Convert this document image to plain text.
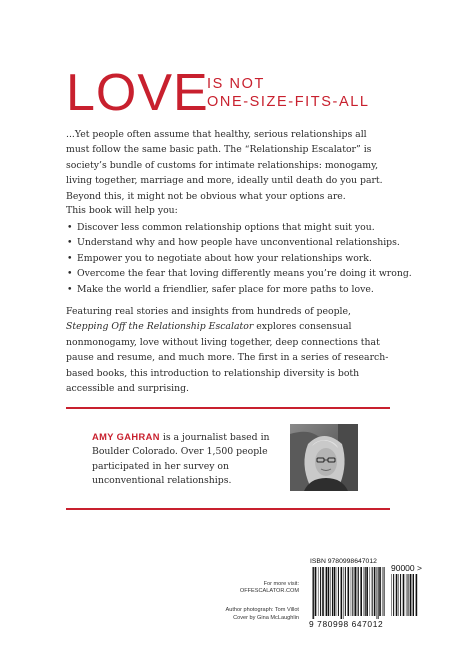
LOVE
IS NOT
ONE-SIZE-FITS-ALL

...Yet people often assume that healthy, serious relationships all must follow the same basic path. The “Relationship Escalator” is society’s bundle of customs for intimate relationships: monogamy, living together, marriage and more, ideally until death do you part. Beyond this, it might not be obvious what your options are.

This book will help you:

• Discover less common relationship options that might suit you.
• Understand why and how people have unconventional relationships.
• Empower you to negotiate about how your relationships work.
• Overcome the fear that loving differently means you’re doing it wrong.
• Make the world a friendlier, safer place for more paths to love.

Featuring real stories and insights from hundreds of people, Stepping Off the Relationship Escalator explores consensual nonmonogamy, love without living together, deep connections that pause and resume, and much more. The first in a series of research-based books, this introduction to relationship diversity is both accessible and surprising.

AMY GAHRAN is a journalist based in Boulder Colorado. Over 1,500 people participated in her survey on unconventional relationships.

For more visit:
OFFESCALATOR.COM
Author photograph: Tom Villot
Cover by Gina McLaughlin
ISBN 9780998647012
90000 >
9 780998 647012
